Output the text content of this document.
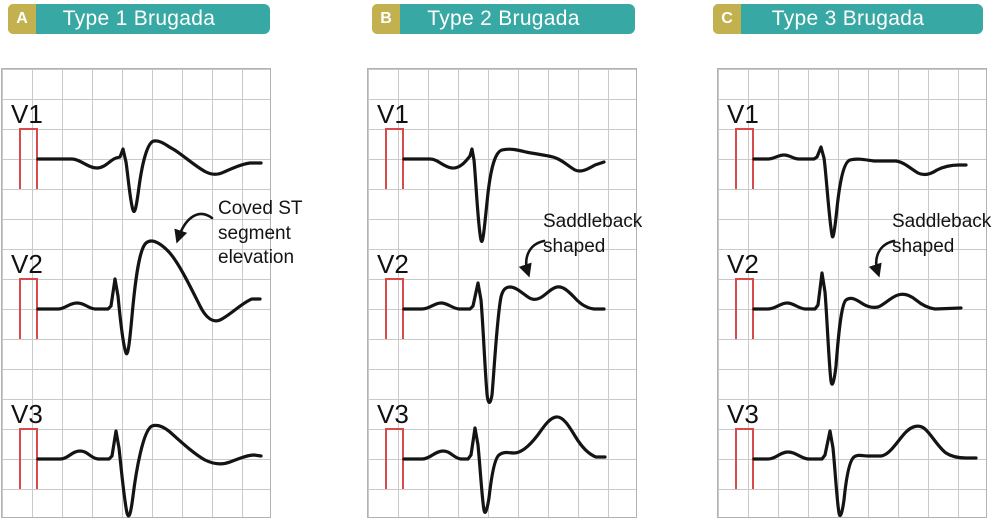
Type 1 Brugada
A
V1
V2
V3
Type 2 Brugada
B
V1
V2
V3
Type 3 Brugada
C
V1
V2
V3
Coved ST
segment
elevation
Saddleback
shaped
Saddleback
shaped
